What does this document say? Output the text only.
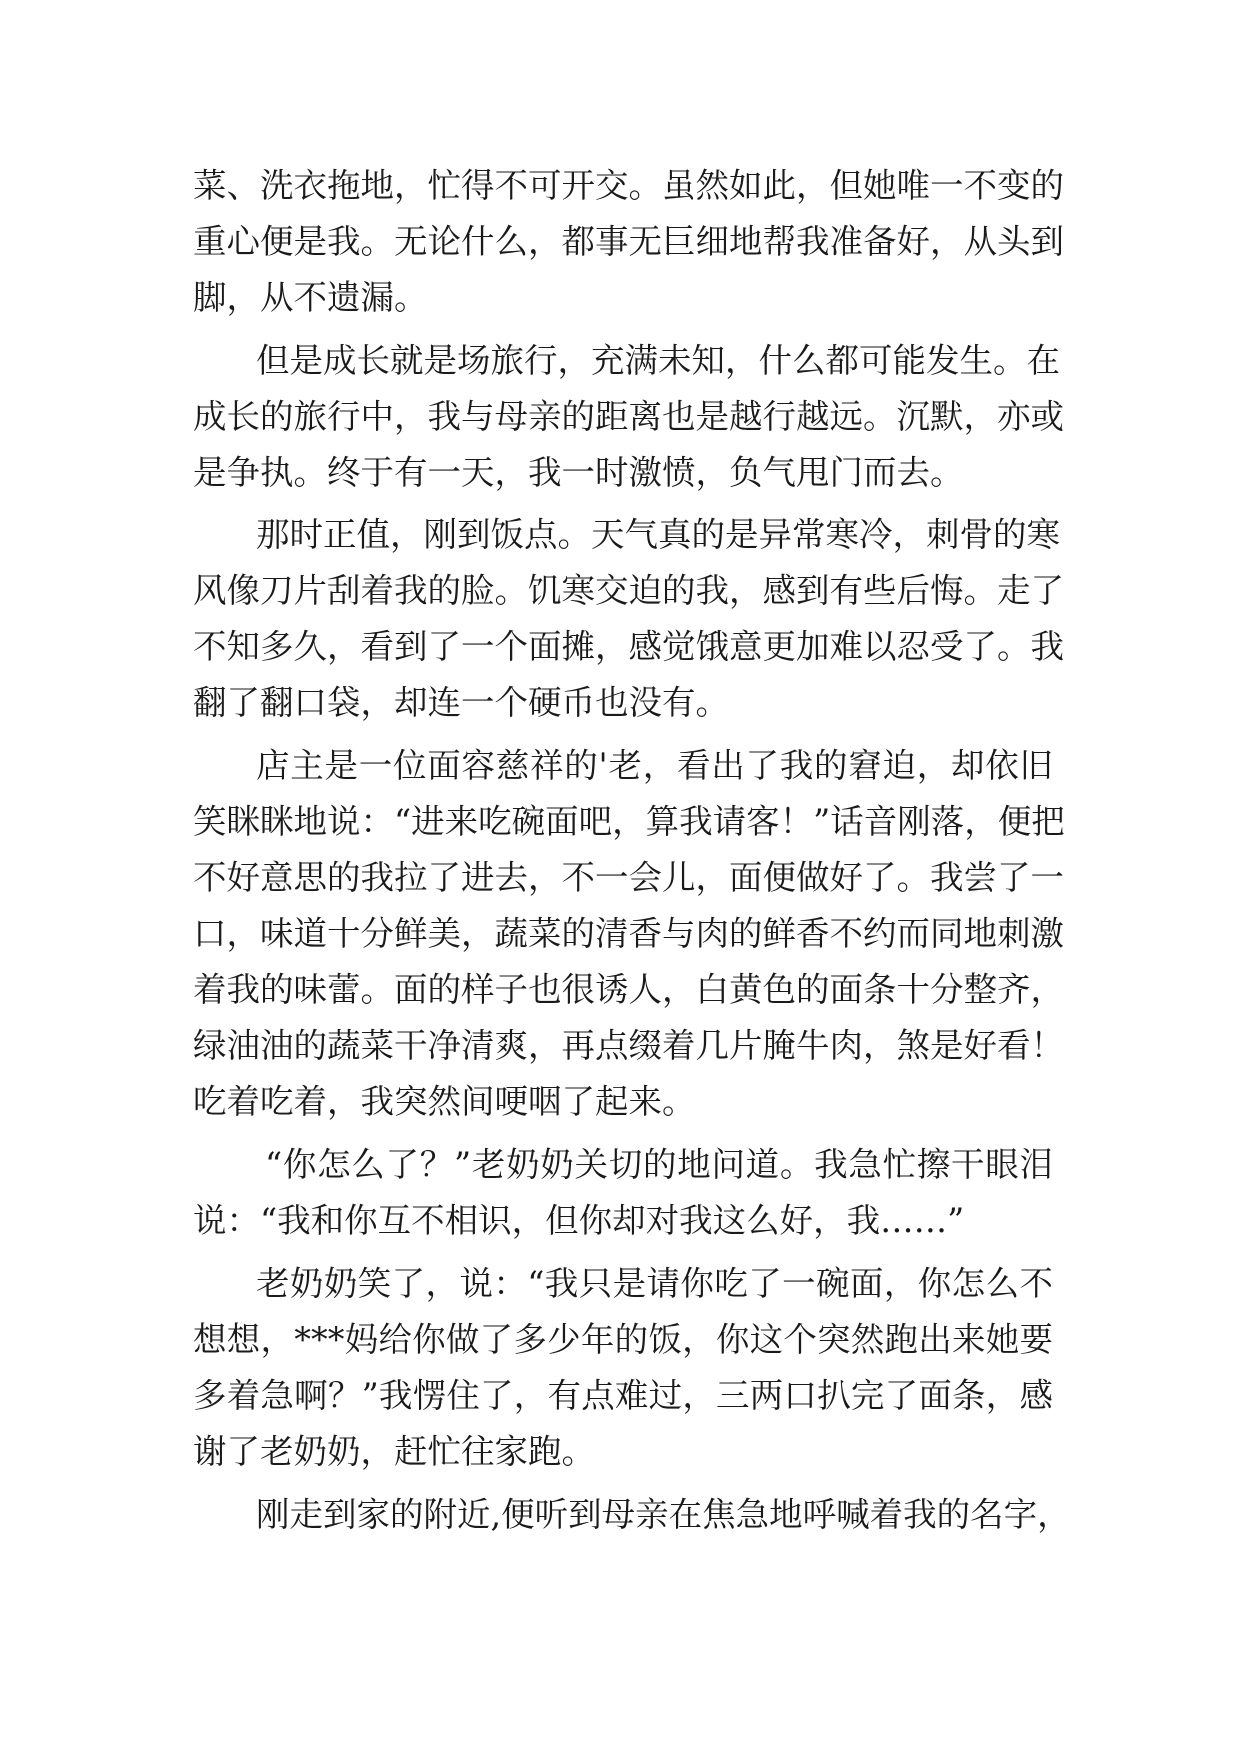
菜、洗衣拖地，忙得不可开交。虽然如此，但她唯一不变的
重心便是我。无论什么，都事无巨细地帮我准备好，从头到
脚，从不遗漏。
但是成长就是场旅行，充满未知，什么都可能发生。在
成长的旅行中，我与母亲的距离也是越行越远。沉默，亦或
是争执。终于有一天，我一时激愤，负气甩门而去。
那时正值，刚到饭点。天气真的是异常寒冷，刺骨的寒
风像刀片刮着我的脸。饥寒交迫的我，感到有些后悔。走了
不知多久，看到了一个面摊，感觉饿意更加难以忍受了。我
翻了翻口袋，却连一个硬币也没有。
店主是一位面容慈祥的'老，看出了我的窘迫，却依旧
笑眯眯地说：“进来吃碗面吧，算我请客！”话音刚落，便把
不好意思的我拉了进去，不一会儿，面便做好了。我尝了一
口，味道十分鲜美，蔬菜的清香与肉的鲜香不约而同地刺激
着我的味蕾。面的样子也很诱人，白黄色的面条十分整齐，
绿油油的蔬菜干净清爽，再点缀着几片腌牛肉，煞是好看！
吃着吃着，我突然间哽咽了起来。
“你怎么了？”老奶奶关切的地问道。我急忙擦干眼泪
说：“我和你互不相识，但你却对我这么好，我……”
老奶奶笑了，说：“我只是请你吃了一碗面，你怎么不
想想，***妈给你做了多少年的饭，你这个突然跑出来她要
多着急啊？”我愣住了，有点难过，三两口扒完了面条，感
谢了老奶奶，赶忙往家跑。
刚走到家的附近,便听到母亲在焦急地呼喊着我的名字，
